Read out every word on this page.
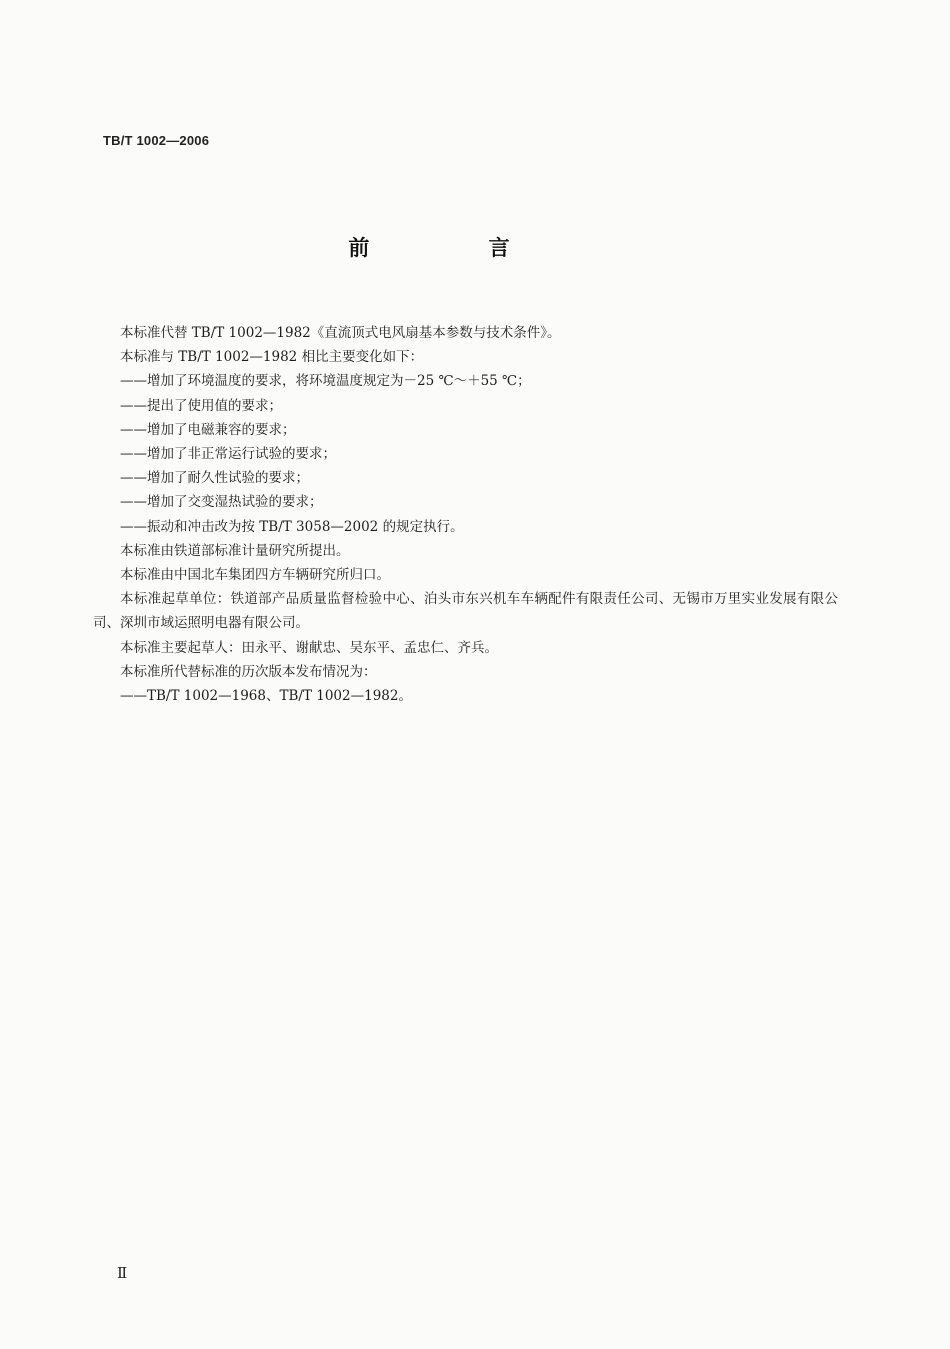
TB/T 1002—2006
前 言

本标准代替 TB/T 1002—1982《直流顶式电风扇基本参数与技术条件》。

本标准与 TB/T 1002—1982 相比主要变化如下：

——增加了环境温度的要求，将环境温度规定为－25 ℃～＋55 ℃；

——提出了使用值的要求；

——增加了电磁兼容的要求；

——增加了非正常运行试验的要求；

——增加了耐久性试验的要求；

——增加了交变湿热试验的要求；

——振动和冲击改为按 TB/T 3058—2002 的规定执行。

本标准由铁道部标准计量研究所提出。

本标准由中国北车集团四方车辆研究所归口。

本标准起草单位：铁道部产品质量监督检验中心、泊头市东兴机车车辆配件有限责任公司、无锡市万里实业发展有限公司、深圳市域运照明电器有限公司。

本标准主要起草人：田永平、谢献忠、吴东平、孟忠仁、齐兵。

本标准所代替标准的历次版本发布情况为：

——TB/T 1002—1968、TB/T 1002—1982。

Ⅱ
